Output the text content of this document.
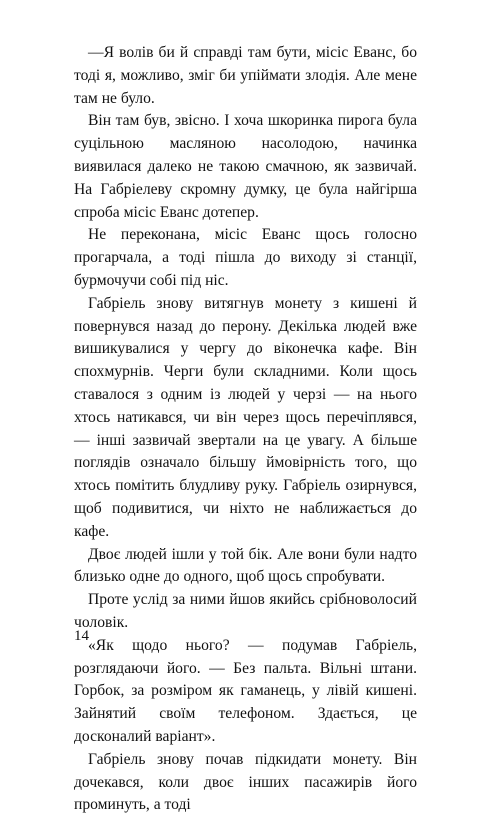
—Я волів би й справді там бути, місіс Еванс, бо тоді я, можливо, зміг би упіймати злодія. Але мене там не було.

Він там був, звісно. І хоча шкоринка пирога була суцільною масляною насолодою, начинка виявилася далеко не такою смачною, як зазвичай. На Габріелеву скромну думку, це була найгірша спроба місіс Еванс дотепер.

Не переконана, місіс Еванс щось голосно прогарчала, а тоді пішла до виходу зі станції, бурмочучи собі під ніс.

Габріель знову витягнув монету з кишені й повернувся назад до перону. Декілька людей вже вишикувалися у чергу до віконечка кафе. Він спохмурнів. Черги були складними. Коли щось ставалося з одним із людей у черзі — на нього хтось натикався, чи він через щось перечіплявся, — інші зазвичай звертали на це увагу. А більше поглядів означало більшу ймовірність того, що хтось помітить блудливу руку. Габріель озирнувся, щоб подивитися, чи ніхто не наближається до кафе.

Двоє людей ішли у той бік. Але вони були надто близько одне до одного, щоб щось спробувати.

Проте услід за ними йшов якийсь срібноволосий чоловік.

«Як щодо нього? — подумав Габріель, розглядаючи його. — Без пальта. Вільні штани. Горбок, за розміром як гаманець, у лівій кишені. Зайнятий своїм телефоном. Здається, це досконалий варіант».

Габріель знову почав підкидати монету. Він дочекався, коли двоє інших пасажирів його проминуть, а тоді

14
